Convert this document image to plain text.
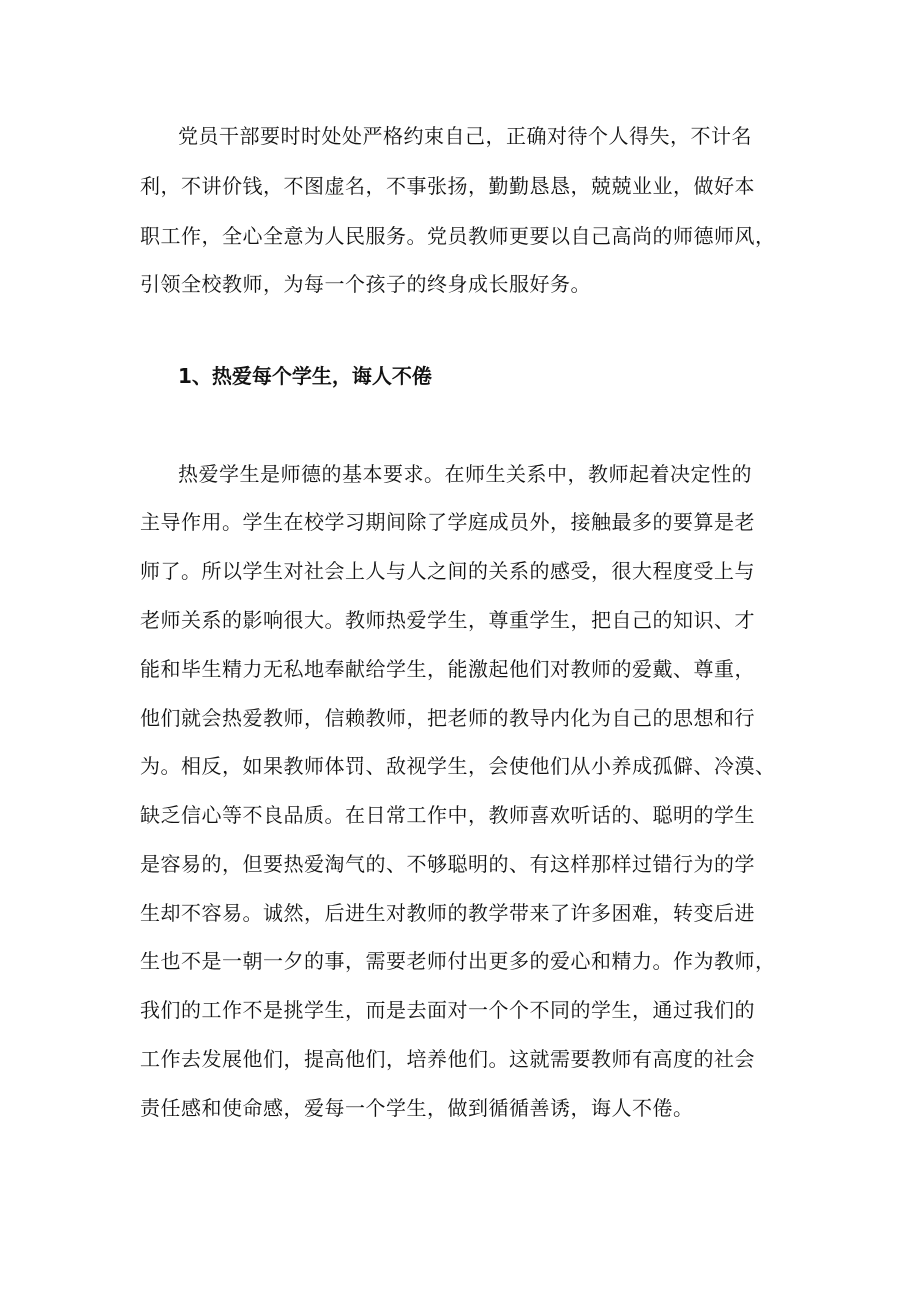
党员干部要时时处处严格约束自己，正确对待个人得失，不计名
利，不讲价钱，不图虚名，不事张扬，勤勤恳恳，兢兢业业，做好本
职工作，全心全意为人民服务。党员教师更要以自己高尚的师德师风，
引领全校教师，为每一个孩子的终身成长服好务。
1、热爱每个学生，诲人不倦
热爱学生是师德的基本要求。在师生关系中，教师起着决定性的
主导作用。学生在校学习期间除了学庭成员外，接触最多的要算是老
师了。所以学生对社会上人与人之间的关系的感受，很大程度受上与
老师关系的影响很大。教师热爱学生，尊重学生，把自己的知识、才
能和毕生精力无私地奉献给学生，能激起他们对教师的爱戴、尊重，
他们就会热爱教师，信赖教师，把老师的教导内化为自己的思想和行
为。相反，如果教师体罚、敌视学生，会使他们从小养成孤僻、冷漠、
缺乏信心等不良品质。在日常工作中，教师喜欢听话的、聪明的学生
是容易的，但要热爱淘气的、不够聪明的、有这样那样过错行为的学
生却不容易。诚然，后进生对教师的教学带来了许多困难，转变后进
生也不是一朝一夕的事，需要老师付出更多的爱心和精力。作为教师，
我们的工作不是挑学生，而是去面对一个个不同的学生，通过我们的
工作去发展他们，提高他们，培养他们。这就需要教师有高度的社会
责任感和使命感，爱每一个学生，做到循循善诱，诲人不倦。
